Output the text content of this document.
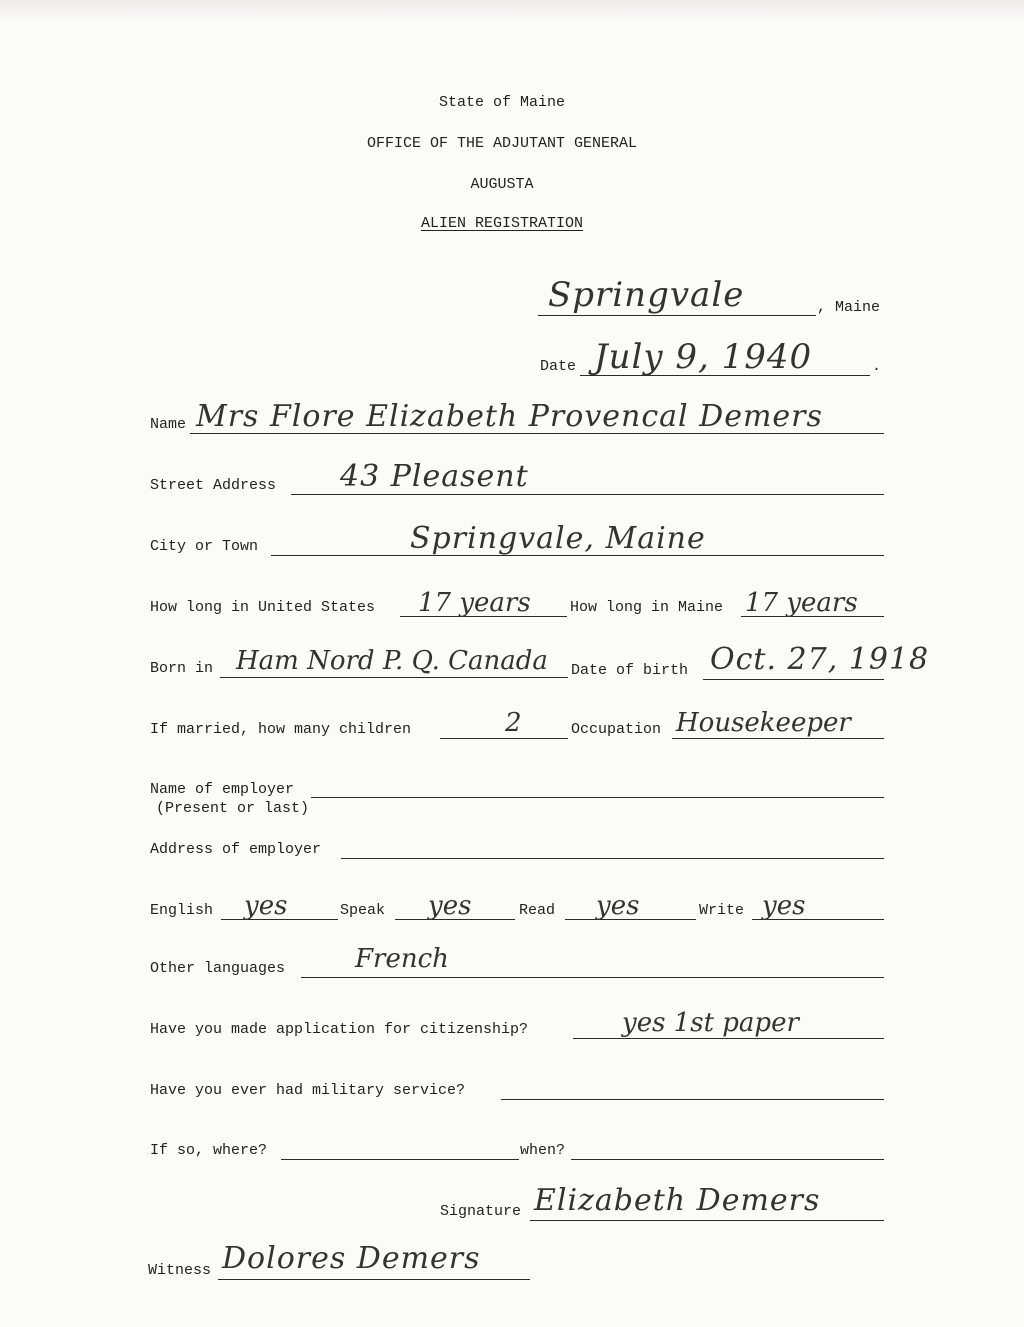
State of Maine
OFFICE OF THE ADJUTANT GENERAL
AUGUSTA
ALIEN REGISTRATION
Springvale	, Maine
Date July 9, 1940	.
Name Mrs Flore Elizabeth Provencal Demers
Street Address 43 Pleasent
City or Town	Springvale, Maine
How long in United States 17 years	How long in Maine 17 years
Born in Ham Nord P. Q. Canada Date of birth Oct. 27, 1918
If married, how many children	2	Occupation Housekeeper
Name of employer
(Present or last)
Address of employer
English yes	Speak yes	Read yes	Write yes
Other languages	French
Have you made application for citizenship?	yes 1st paper
Have you ever had military service?
If so, where?	when?
Signature Elizabeth Demers
Witness Dolores Demers
